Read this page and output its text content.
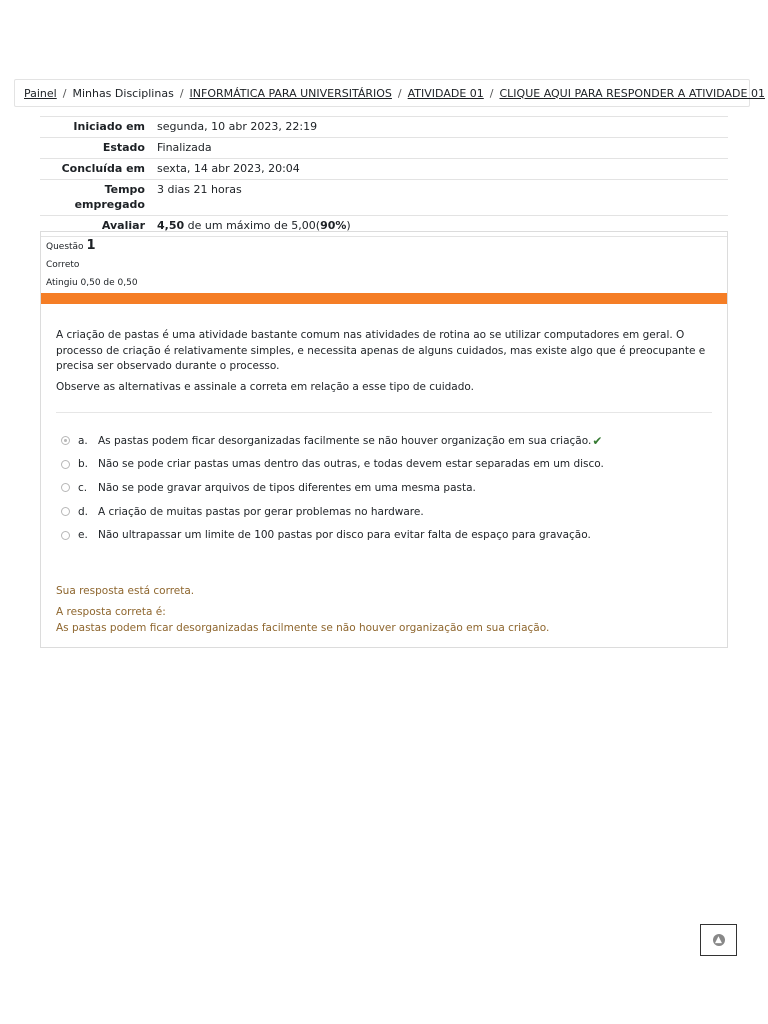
Painel / Minhas Disciplinas / INFORMÁTICA PARA UNIVERSITÁRIOS / ATIVIDADE 01 / CLIQUE AQUI PARA RESPONDER A ATIVIDADE 01
Iniciado em	segunda, 10 abr 2023, 22:19
Estado	Finalizada
Concluída em	sexta, 14 abr 2023, 20:04
Tempo empregado	3 dias 21 horas
Avaliar	4,50 de um máximo de 5,00(90%)
Questão 1
Correto
Atingiu 0,50 de 0,50

A criação de pastas é uma atividade bastante comum nas atividades de rotina ao se utilizar computadores em geral. O processo de criação é relativamente simples, e necessita apenas de alguns cuidados, mas existe algo que é preocupante e precisa ser observado durante o processo.

Observe as alternativas e assinale a correta em relação a esse tipo de cuidado.

a. As pastas podem ficar desorganizadas facilmente se não houver organização em sua criação. ✔
b. Não se pode criar pastas umas dentro das outras, e todas devem estar separadas em um disco.
c.	Não se pode gravar arquivos de tipos diferentes em uma mesma pasta.
d. A criação de muitas pastas por gerar problemas no hardware.
e. Não ultrapassar um limite de 100 pastas por disco para evitar falta de espaço para gravação.
Sua resposta está correta.
A resposta correta é:
As pastas podem ficar desorganizadas facilmente se não houver organização em sua criação.
▲
